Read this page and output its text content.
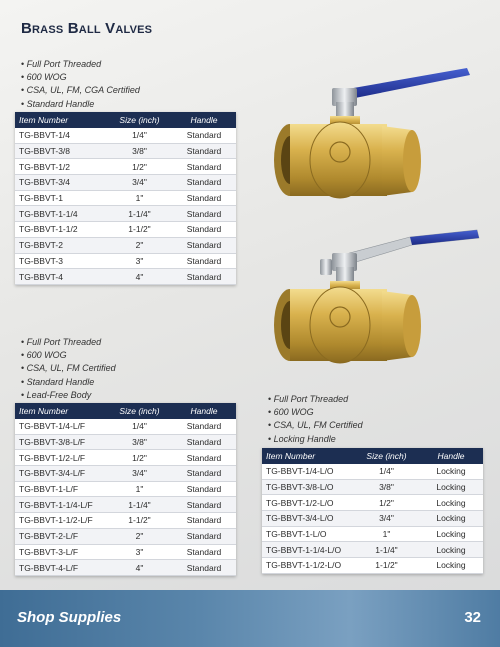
Brass Ball Valves
• Full Port Threaded
• 600 WOG
• CSA, UL, FM, CGA Certified
• Standard Handle
Item Number	Size (inch)	Handle
TG-BBVT-1/4	1/4"	Standard
TG-BBVT-3/8	3/8"	Standard
TG-BBVT-1/2	1/2"	Standard
TG-BBVT-3/4	3/4"	Standard
TG-BBVT-1	1"	Standard
TG-BBVT-1-1/4	1-1/4"	Standard
TG-BBVT-1-1/2	1-1/2"	Standard
TG-BBVT-2	2"	Standard
TG-BBVT-3	3"	Standard
TG-BBVT-4	4"	Standard
• Full Port Threaded
• 600 WOG
• CSA, UL, FM Certified
• Standard Handle
• Lead-Free Body
Item Number	Size (inch)	Handle
TG-BBVT-1/4-L/F	1/4"	Standard
TG-BBVT-3/8-L/F	3/8"	Standard
TG-BBVT-1/2-L/F	1/2"	Standard
TG-BBVT-3/4-L/F	3/4"	Standard
TG-BBVT-1-L/F	1"	Standard
TG-BBVT-1-1/4-L/F	1-1/4"	Standard
TG-BBVT-1-1/2-L/F	1-1/2"	Standard
TG-BBVT-2-L/F	2"	Standard
TG-BBVT-3-L/F	3"	Standard
TG-BBVT-4-L/F	4"	Standard
• Full Port Threaded
• 600 WOG
• CSA, UL, FM Certified
• Locking Handle
Item Number	Size (inch)	Handle
TG-BBVT-1/4-L/O	1/4"	Locking
TG-BBVT-3/8-L/O	3/8"	Locking
TG-BBVT-1/2-L/O	1/2"	Locking
TG-BBVT-3/4-L/O	3/4"	Locking
TG-BBVT-1-L/O	1"	Locking
TG-BBVT-1-1/4-L/O	1-1/4"	Locking
TG-BBVT-1-1/2-L/O	1-1/2"	Locking
Shop Supplies	32
